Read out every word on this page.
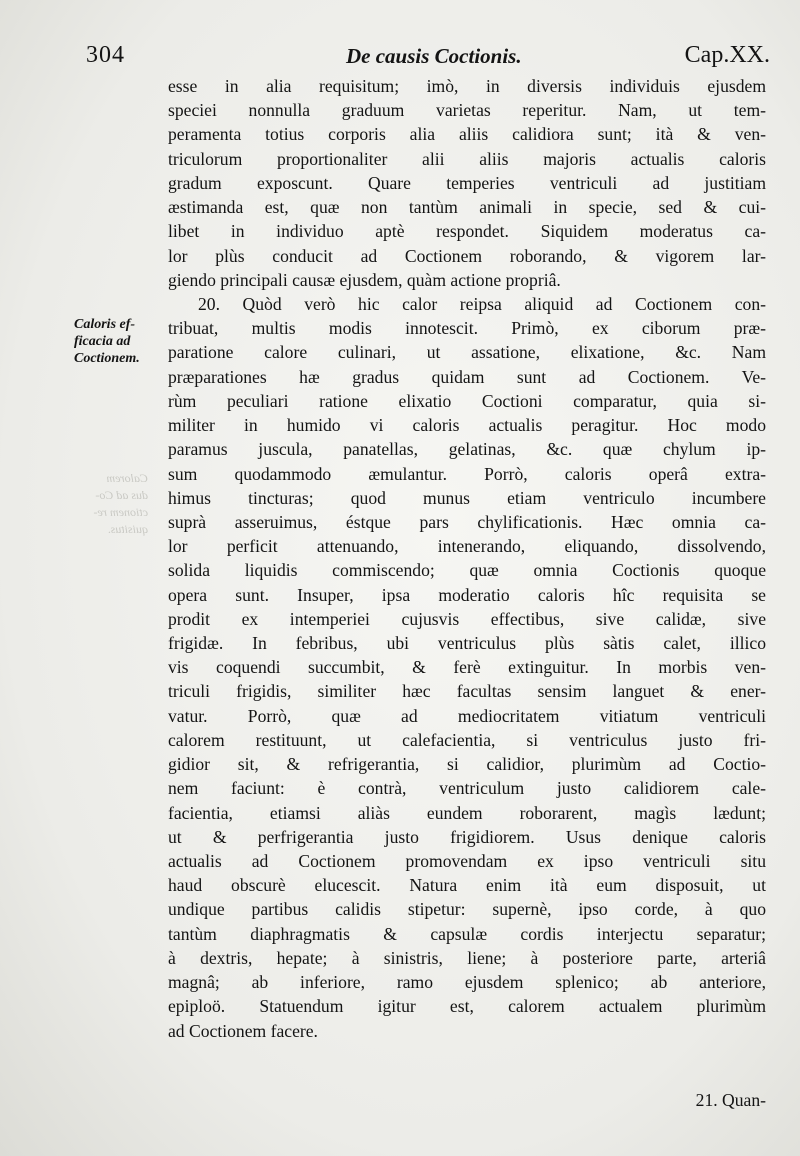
Calorem
dus ad Co-
ctionem re-
quisitus.
304	De causis Coctionis.	Cap.XX.
Caloris ef-
ficacia ad
Coctionem.
esse in alia requisitum; imò, in diversis individuis ejusdem
speciei nonnulla graduum varietas reperitur. Nam, ut tem-
peramenta totius corporis alia aliis calidiora sunt; ità & ven-
triculorum proportionaliter alii aliis majoris actualis caloris
gradum exposcunt. Quare temperies ventriculi ad justitiam
æstimanda est, quæ non tantùm animali in specie, sed & cui-
libet in individuo aptè respondet. Siquidem moderatus ca-
lor plùs conducit ad Coctionem roborando, & vigorem lar-
giendo principali causæ ejusdem, quàm actione propriâ.
20. Quòd verò hic calor reipsa aliquid ad Coctionem con-
tribuat, multis modis innotescit. Primò, ex ciborum præ-
paratione calore culinari, ut assatione, elixatione, &c. Nam
præparationes hæ gradus quidam sunt ad Coctionem. Ve-
rùm peculiari ratione elixatio Coctioni comparatur, quia si-
militer in humido vi caloris actualis peragitur. Hoc modo
paramus juscula, panatellas, gelatinas, &c. quæ chylum ip-
sum quodammodo æmulantur. Porrò, caloris operâ extra-
himus tincturas; quod munus etiam ventriculo incumbere
suprà asseruimus, éstque pars chylificationis. Hæc omnia ca-
lor perficit attenuando, intenerando, eliquando, dissolvendo,
solida liquidis commiscendo; quæ omnia Coctionis quoque
opera sunt. Insuper, ipsa moderatio caloris hîc requisita se
prodit ex intemperiei cujusvis effectibus, sive calidæ, sive
frigidæ. In febribus, ubi ventriculus plùs sàtis calet, illico
vis coquendi succumbit, & ferè extinguitur. In morbis ven-
triculi frigidis, similiter hæc facultas sensim languet & ener-
vatur. Porrò, quæ ad mediocritatem vitiatum ventriculi
calorem restituunt, ut calefacientia, si ventriculus justo fri-
gidior sit, & refrigerantia, si calidior, plurimùm ad Coctio-
nem faciunt: è contrà, ventriculum justo calidiorem cale-
facientia, etiamsi aliàs eundem roborarent, magìs lædunt;
ut & perfrigerantia justo frigidiorem. Usus denique caloris
actualis ad Coctionem promovendam ex ipso ventriculi situ
haud obscurè elucescit. Natura enim ità eum disposuit, ut
undique partibus calidis stipetur: supernè, ipso corde, à quo
tantùm diaphragmatis & capsulæ cordis interjectu separatur;
à dextris, hepate; à sinistris, liene; à posteriore parte, arteriâ
magnâ; ab inferiore, ramo ejusdem splenico; ab anteriore,
epiploö. Statuendum igitur est, calorem actualem plurimùm
ad Coctionem facere.
21. Quan-
